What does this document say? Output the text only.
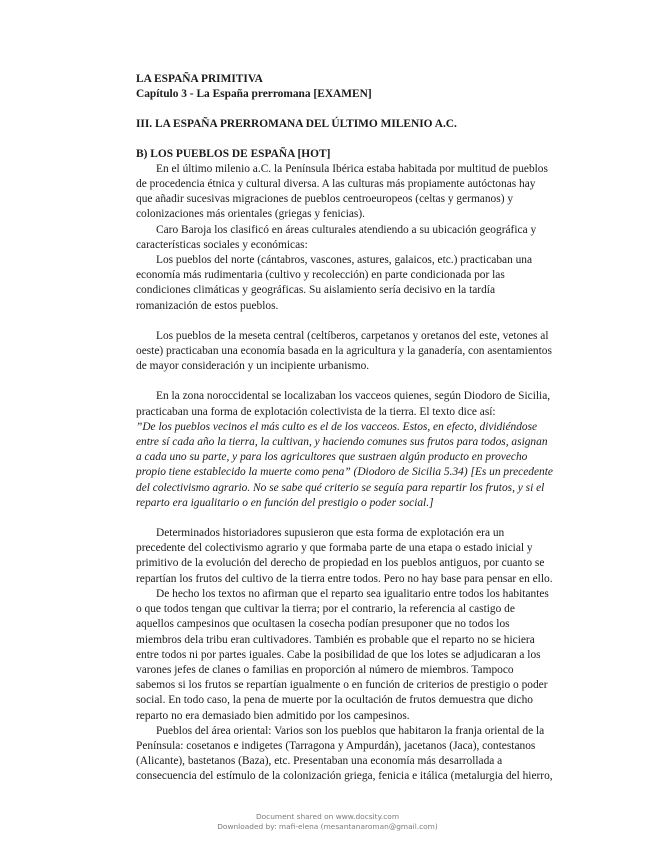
LA ESPAÑA PRIMITIVA
Capítulo 3 - La España prerromana [EXAMEN]
III. LA ESPAÑA PRERROMANA DEL ÚLTIMO MILENIO A.C.
B) LOS PUEBLOS DE ESPAÑA [HOT]

En el último milenio a.C. la Península Ibérica estaba habitada por multitud de pueblos de procedencia étnica y cultural diversa. A las culturas más propiamente autóctonas hay que añadir sucesivas migraciones de pueblos centroeuropeos (celtas y germanos) y colonizaciones más orientales (griegas y fenicias).

Caro Baroja los clasificó en áreas culturales atendiendo a su ubicación geográfica y características sociales y económicas:

Los pueblos del norte (cántabros, vascones, astures, galaicos, etc.) practicaban una economía más rudimentaria (cultivo y recolección) en parte condicionada por las condiciones climáticas y geográficas. Su aislamiento sería decisivo en la tardía romanización de estos pueblos.

Los pueblos de la meseta central (celtíberos, carpetanos y oretanos del este, vetones al oeste) practicaban una economía basada en la agricultura y la ganadería, con asentamientos de mayor consideración y un incipiente urbanismo.

En la zona noroccidental se localizaban los vacceos quienes, según Diodoro de Sicilia, practicaban una forma de explotación colectivista de la tierra. El texto dice así:

”De los pueblos vecinos el más culto es el de los vacceos. Estos, en efecto, dividiéndose entre sí cada año la tierra, la cultivan, y haciendo comunes sus frutos para todos, asignan a cada uno su parte, y para los agricultores que sustraen algún producto en provecho propio tiene establecido la muerte como pena” (Diodoro de Sicilia 5.34) [Es un precedente del colectivismo agrario. No se sabe qué criterio se seguía para repartir los frutos, y si el reparto era igualitario o en función del prestigio o poder social.]

Determinados historiadores supusieron que esta forma de explotación era un precedente del colectivismo agrario y que formaba parte de una etapa o estado inicial y primitivo de la evolución del derecho de propiedad en los pueblos antiguos, por cuanto se repartían los frutos del cultivo de la tierra entre todos. Pero no hay base para pensar en ello.

De hecho los textos no afirman que el reparto sea igualitario entre todos los habitantes o que todos tengan que cultivar la tierra; por el contrario, la referencia al castigo de aquellos campesinos que ocultasen la cosecha podían presuponer que no todos los miembros dela tribu eran cultivadores. También es probable que el reparto no se hiciera entre todos ni por partes iguales. Cabe la posibilidad de que los lotes se adjudicaran a los varones jefes de clanes o familias en proporción al número de miembros. Tampoco sabemos si los frutos se repartían igualmente o en función de criterios de prestigio o poder social. En todo caso, la pena de muerte por la ocultación de frutos demuestra que dicho reparto no era demasiado bien admitido por los campesinos.

Pueblos del área oriental: Varios son los pueblos que habitaron la franja oriental de la Península: cosetanos e indigetes (Tarragona y Ampurdán), jacetanos (Jaca), contestanos (Alicante), bastetanos (Baza), etc. Presentaban una economía más desarrollada a consecuencia del estímulo de la colonización griega, fenicia e itálica (metalurgia del hierro,

Document shared on www.docsity.com
Downloaded by: mafi-elena (mesantanaroman@gmail.com)
